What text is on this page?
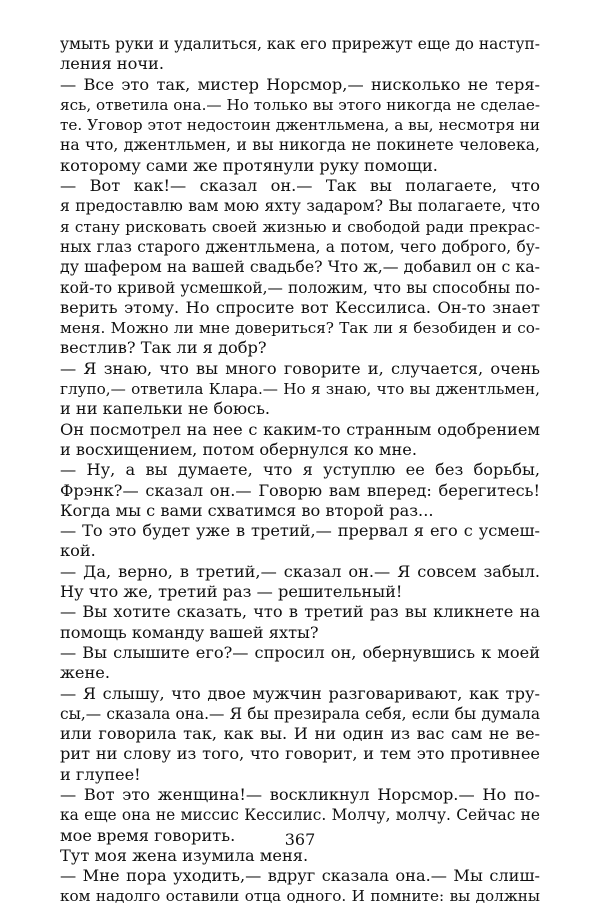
умыть руки и удалиться, как его прирежут еще до наступ-
ления ночи.
— Все это так, мистер Норсмор,— нисколько не теря-
ясь, ответила она.— Но только вы этого никогда не сделае-
те. Уговор этот недостоин джентльмена, а вы, несмотря ни
на что, джентльмен, и вы никогда не покинете человека,
которому сами же протянули руку помощи.
— Вот как!— сказал он.— Так вы полагаете, что
я предоставлю вам мою яхту задаром? Вы полагаете, что
я стану рисковать своей жизнью и свободой ради прекрас-
ных глаз старого джентльмена, а потом, чего доброго, бу-
ду шафером на вашей свадьбе? Что ж,— добавил он с ка-
кой-то кривой усмешкой,— положим, что вы способны по-
верить этому. Но спросите вот Кессилиса. Он-то знает
меня. Можно ли мне довериться? Так ли я безобиден и со-
вестлив? Так ли я добр?
— Я знаю, что вы много говорите и, случается, очень
глупо,— ответила Клара.— Но я знаю, что вы джентльмен,
и ни капельки не боюсь.
Он посмотрел на нее с каким-то странным одобрением
и восхищением, потом обернулся ко мне.
— Ну, а вы думаете, что я уступлю ее без борьбы,
Фрэнк?— сказал он.— Говорю вам вперед: берегитесь!
Когда мы с вами схватимся во второй раз...
— То это будет уже в третий,— прервал я его с усмеш-
кой.
— Да, верно, в третий,— сказал он.— Я совсем забыл.
Ну что же, третий раз — решительный!
— Вы хотите сказать, что в третий раз вы кликнете на
помощь команду вашей яхты?
— Вы слышите его?— спросил он, обернувшись к моей
жене.
— Я слышу, что двое мужчин разговаривают, как тру-
сы,— сказала она.— Я бы презирала себя, если бы думала
или говорила так, как вы. И ни один из вас сам не ве-
рит ни слову из того, что говорит, и тем это противнее
и глупее!
— Вот это женщина!— воскликнул Норсмор.— Но по-
ка еще она не миссис Кессилис. Молчу, молчу. Сейчас не
мое время говорить.
Тут моя жена изумила меня.
— Мне пора уходить,— вдруг сказала она.— Мы слиш-
ком надолго оставили отца одного. И помните: вы должны
367
